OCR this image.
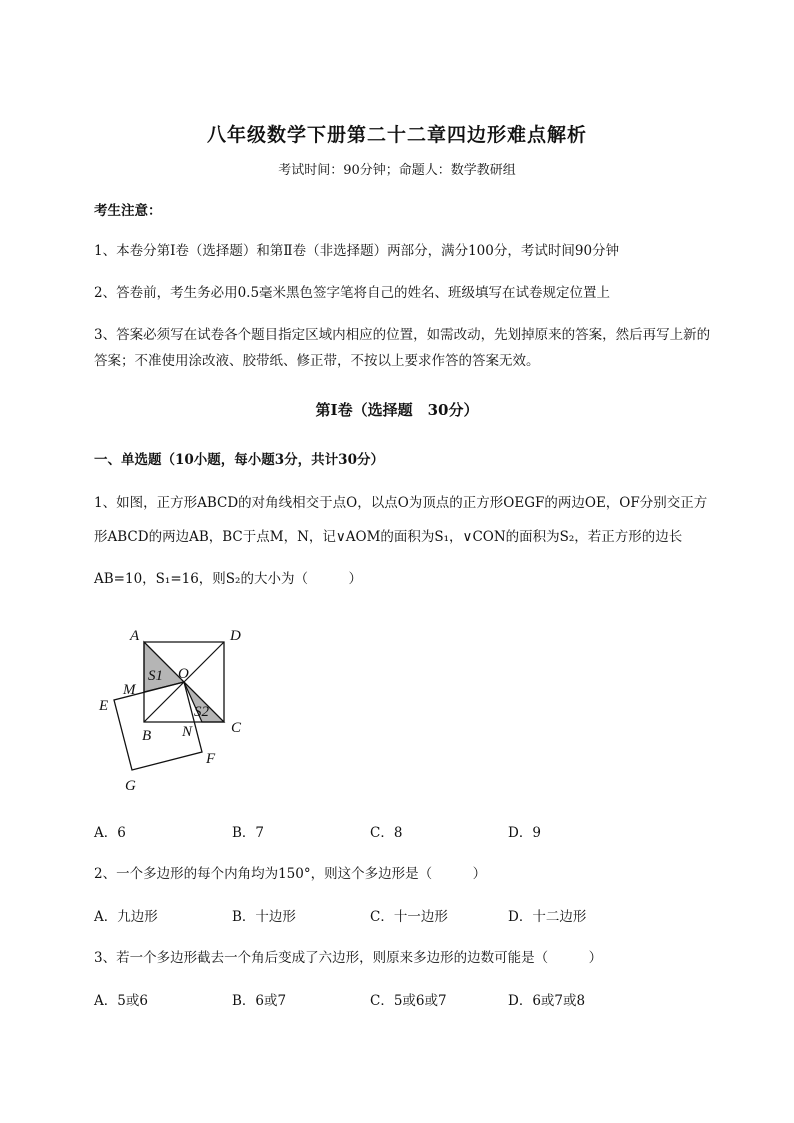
八年级数学下册第二十二章四边形难点解析
考试时间：90分钟；命题人：数学教研组
考生注意：
1、本卷分第I卷（选择题）和第Ⅱ卷（非选择题）两部分，满分100分，考试时间90分钟
2、答卷前，考生务必用0.5毫米黑色签字笔将自己的姓名、班级填写在试卷规定位置上
3、答案必须写在试卷各个题目指定区域内相应的位置，如需改动，先划掉原来的答案，然后再写上新的答案；不准使用涂改液、胶带纸、修正带，不按以上要求作答的答案无效。
第I卷（选择题　30分）
一、单选题（10小题，每小题3分，共计30分）
1、如图，正方形ABCD的对角线相交于点O，以点O为顶点的正方形OEGF的两边OE，OF分别交正方
形ABCD的两边AB，BC于点M，N，记∨AOM的面积为S₁，∨CON的面积为S₂，若正方形的边长
AB=10，S₁=16，则S₂的大小为（　　　）
A	D
C
B
O
M
N
E
F
G
S1
S2
A．6	B．7	C．8	D．9
2、一个多边形的每个内角均为150°，则这个多边形是（　　　）
A．九边形	B．十边形	C．十一边形	D．十二边形
3、若一个多边形截去一个角后变成了六边形，则原来多边形的边数可能是（　　　）
A．5或6	B．6或7	C．5或6或7	D．6或7或8
